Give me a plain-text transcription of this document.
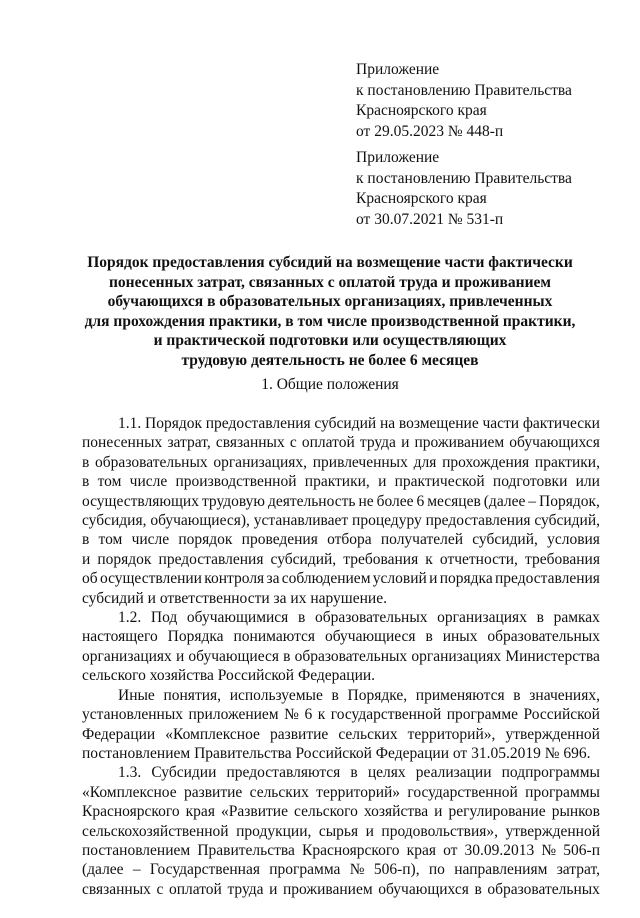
Приложение
к постановлению Правительства
Красноярского края
от 29.05.2023 № 448-п
Приложение
к постановлению Правительства
Красноярского края
от 30.07.2021 № 531-п
Порядок предоставления субсидий на возмещение части фактически
понесенных затрат, связанных с оплатой труда и проживанием
обучающихся в образовательных организациях, привлеченных
для прохождения практики, в том числе производственной практики,
и практической подготовки или осуществляющих
трудовую деятельность не более 6 месяцев
1. Общие положения
1.1. Порядок предоставления субсидий на возмещение части фактически
понесенных затрат, связанных с оплатой труда и проживанием обучающихся
в образовательных организациях, привлеченных для прохождения практики,
в том числе производственной практики, и практической подготовки или
осуществляющих трудовую деятельность не более 6 месяцев (далее – Порядок,
субсидия, обучающиеся), устанавливает процедуру предоставления субсидий,
в том числе порядок проведения отбора получателей субсидий, условия
и порядок предоставления субсидий, требования к отчетности, требования
об осуществлении контроля за соблюдением условий и порядка предоставления
субсидий и ответственности за их нарушение.
1.2. Под обучающимися в образовательных организациях в рамках
настоящего Порядка понимаются обучающиеся в иных образовательных
организациях и обучающиеся в образовательных организациях Министерства
сельского хозяйства Российской Федерации.
Иные понятия, используемые в Порядке, применяются в значениях,
установленных приложением № 6 к государственной программе Российской
Федерации «Комплексное развитие сельских территорий», утвержденной
постановлением Правительства Российской Федерации от 31.05.2019 № 696.
1.3. Субсидии предоставляются в целях реализации подпрограммы
«Комплексное развитие сельских территорий» государственной программы
Красноярского края «Развитие сельского хозяйства и регулирование рынков
сельскохозяйственной продукции, сырья и продовольствия», утвержденной
постановлением Правительства Красноярского края от 30.09.2013 № 506-п
(далее – Государственная программа № 506-п), по направлениям затрат,
связанных с оплатой труда и проживанием обучающихся в образовательных
